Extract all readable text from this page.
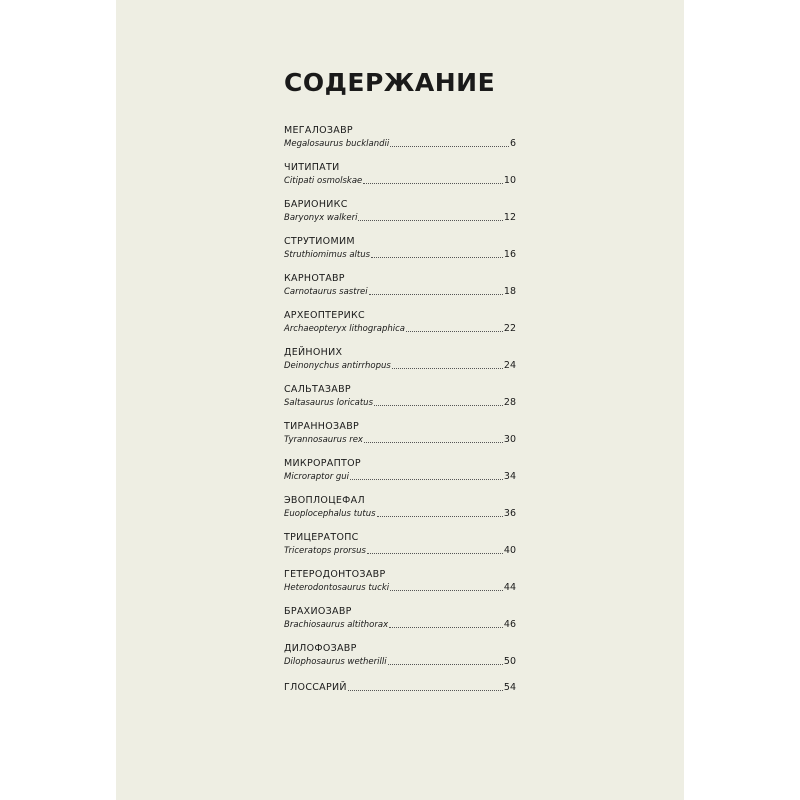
СОДЕРЖАНИЕ
МЕГАЛОЗАВР
Megalosaurus bucklandii	6
ЧИТИПАТИ
Citipati osmolskae	10
БАРИОНИКС
Baryonyx walkeri	12
СТРУТИОМИМ
Struthiomimus altus	16
КАРНОТАВР
Carnotaurus sastrei	18
АРХЕОПТЕРИКС
Archaeopteryx lithographica	22
ДЕЙНОНИХ
Deinonychus antirrhopus	24
САЛЬТАЗАВР
Saltasaurus loricatus	28
ТИРАННОЗАВР
Tyrannosaurus rex	30
МИКРОРАПТОР
Microraptor gui	34
ЭВОПЛОЦЕФАЛ
Euoplocephalus tutus	36
ТРИЦЕРАТОПС
Triceratops prorsus	40
ГЕТЕРОДОНТОЗАВР
Heterodontosaurus tucki	44
БРАХИОЗАВР
Brachiosaurus altithorax	46
ДИЛОФОЗАВР
Dilophosaurus wetherilli	50
ГЛОССАРИЙ	54
